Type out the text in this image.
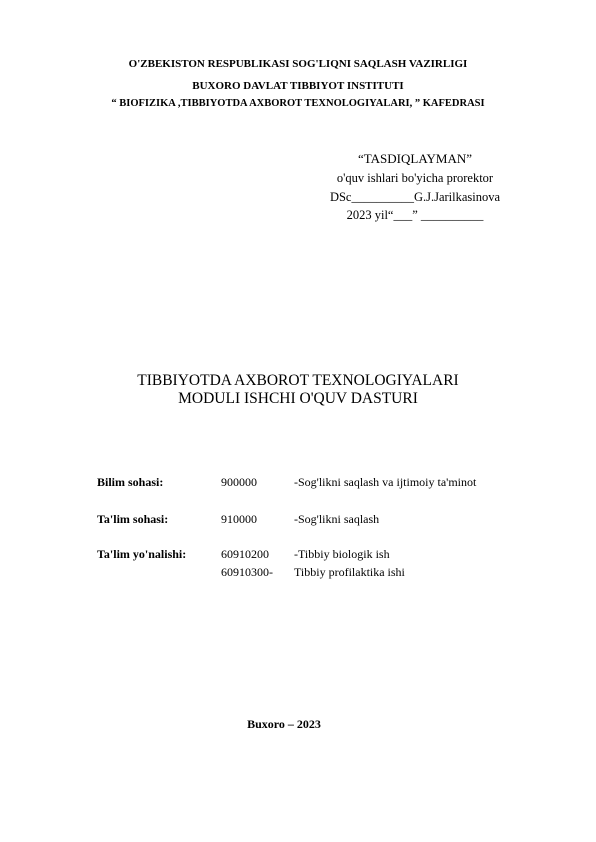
O'ZBEKISTON RESPUBLIKASI SOG'LIQNI SAQLASH VAZIRLIGI
BUXORO DAVLAT TIBBIYOT INSTITUTI
“ BIOFIZIKA ,TIBBIYOTDA AXBOROT TEXNOLOGIYALARI, ” KAFEDRASI
“TASDIQLAYMAN”
o'quv ishlari bo'yicha prorektor
DSc__________G.J.Jarilkasinova
2023 yil“___” __________
TIBBIYOTDA AXBOROT TEXNOLOGIYALARI
MODULI ISHCHI O'QUV DASTURI
Bilim sohasi:	900000	-Sog'likni saqlash va ijtimoiy ta'minot
Ta'lim sohasi:	910000	-Sog'likni saqlash
Ta'lim yo'nalishi:	60910200 -Tibbiy biologik ish
60910300- Tibbiy profilaktika ishi
Buxoro – 2023
